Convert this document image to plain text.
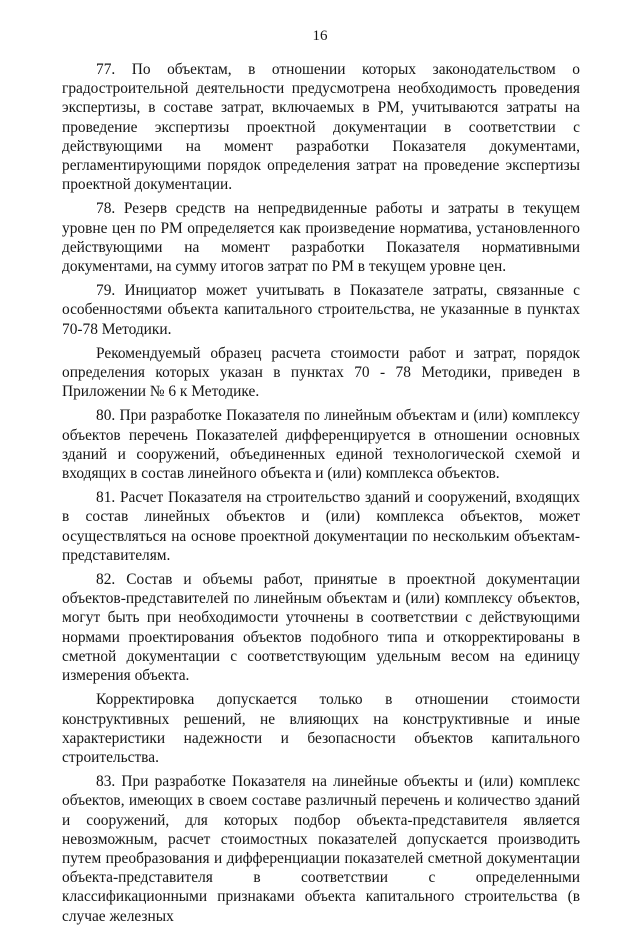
16

77. По объектам, в отношении которых законодательством о градостроительной деятельности предусмотрена необходимость проведения экспертизы, в составе затрат, включаемых в РМ, учитываются затраты на проведение экспертизы проектной документации в соответствии с действующими на момент разработки Показателя документами, регламентирующими порядок определения затрат на проведение экспертизы проектной документации.

78. Резерв средств на непредвиденные работы и затраты в текущем уровне цен по РМ определяется как произведение норматива, установленного действующими на момент разработки Показателя нормативными документами, на сумму итогов затрат по РМ в текущем уровне цен.

79. Инициатор может учитывать в Показателе затраты, связанные с особенностями объекта капитального строительства, не указанные в пунктах 70-78 Методики.

Рекомендуемый образец расчета стоимости работ и затрат, порядок определения которых указан в пунктах 70 - 78 Методики, приведен в Приложении № 6 к Методике.

80. При разработке Показателя по линейным объектам и (или) комплексу объектов перечень Показателей дифференцируется в отношении основных зданий и сооружений, объединенных единой технологической схемой и входящих в состав линейного объекта и (или) комплекса объектов.

81. Расчет Показателя на строительство зданий и сооружений, входящих в состав линейных объектов и (или) комплекса объектов, может осуществляться на основе проектной документации по нескольким объектам-представителям.

82. Состав и объемы работ, принятые в проектной документации объектов-представителей по линейным объектам и (или) комплексу объектов, могут быть при необходимости уточнены в соответствии с действующими нормами проектирования объектов подобного типа и откорректированы в сметной документации с соответствующим удельным весом на единицу измерения объекта.

Корректировка допускается только в отношении стоимости конструктивных решений, не влияющих на конструктивные и иные характеристики надежности и безопасности объектов капитального строительства.

83. При разработке Показателя на линейные объекты и (или) комплекс объектов, имеющих в своем составе различный перечень и количество зданий и сооружений, для которых подбор объекта-представителя является невозможным, расчет стоимостных показателей допускается производить путем преобразования и дифференциации показателей сметной документации объекта-представителя в соответствии с определенными классификационными признаками объекта капитального строительства (в случае железных
